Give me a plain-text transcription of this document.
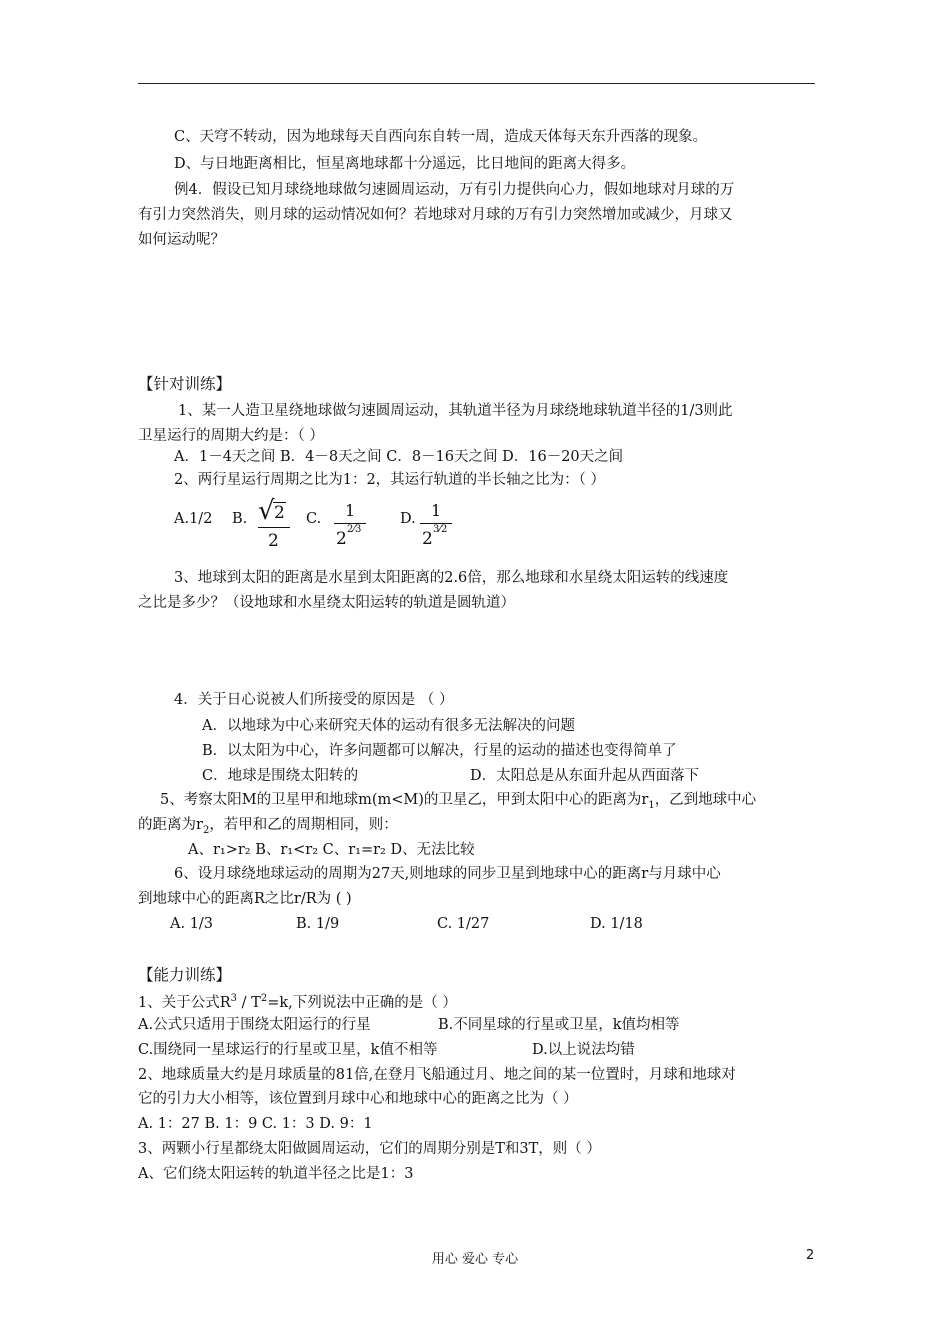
C、天穹不转动，因为地球每天自西向东自转一周，造成天体每天东升西落的现象。
D、与日地距离相比，恒星离地球都十分遥远，比日地间的距离大得多。
例4．假设已知月球绕地球做匀速圆周运动，万有引力提供向心力，假如地球对月球的万
有引力突然消失，则月球的运动情况如何？若地球对月球的万有引力突然增加或减少，月球又
如何运动呢？
【针对训练】
1、某一人造卫星绕地球做匀速圆周运动，其轨道半径为月球绕地球轨道半径的1/3则此
卫星运行的周期大约是：（ ）
A．1－4天之间 B．4－8天之间 C．8－16天之间 D．16－20天之间
2、两行星运行周期之比为1：2，其运行轨道的半长轴之比为：（ ）
A.1/2 B. √ 2
2
C. 1
2 2⁄3
D. 1
2 3⁄2
3、地球到太阳的距离是水星到太阳距离的2.6倍，那么地球和水星绕太阳运转的线速度
之比是多少？（设地球和水星绕太阳运转的轨道是圆轨道）
4．关于日心说被人们所接受的原因是 （ ）
A．以地球为中心来研究天体的运动有很多无法解决的问题
B．以太阳为中心，许多问题都可以解决，行星的运动的描述也变得简单了
C．地球是围绕太阳转的	D．太阳总是从东面升起从西面落下
5、考察太阳M的卫星甲和地球m(m<M)的卫星乙，甲到太阳中心的距离为$r_1$，乙到地球中心
的距离为$r_2$，若甲和乙的周期相同，则：
A、r₁>r₂ B、r₁<r₂ C、r₁=r₂ D、无法比较
6、设月球绕地球运动的周期为27天,则地球的同步卫星到地球中心的距离r与月球中心
到地球中心的距离R之比r/R为 ( )
A. 1/3	B. 1/9	C. 1/27	D. 1/18
【能力训练】
1、关于公式$R^3 / T^2=k$,下列说法中正确的是（ ）
A.公式只适用于围绕太阳运行的行星	B.不同星球的行星或卫星，k值均相等
C.围绕同一星球运行的行星或卫星，k值不相等	D.以上说法均错
2、地球质量大约是月球质量的81倍,在登月飞船通过月、地之间的某一位置时，月球和地球对
它的引力大小相等，该位置到月球中心和地球中心的距离之比为（ ）
A. 1：27 B. 1：9 C. 1：3 D. 9：1
3、两颗小行星都绕太阳做圆周运动，它们的周期分别是T和3T，则（ ）
A、它们绕太阳运转的轨道半径之比是1：3
用心 爱心 专心	2
